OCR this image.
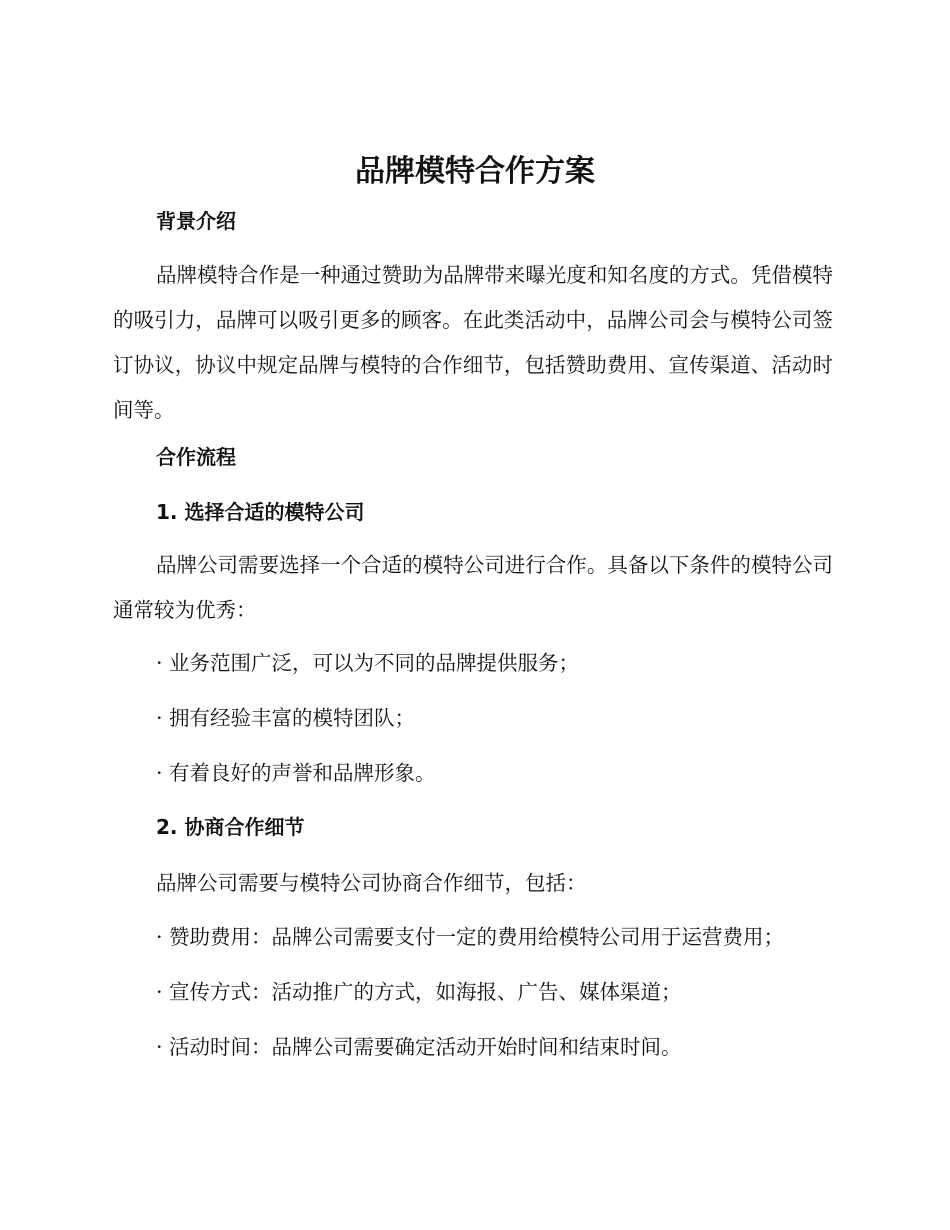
品牌模特合作方案
背景介绍
品牌模特合作是一种通过赞助为品牌带来曝光度和知名度的方式。凭借模特的吸引力，品牌可以吸引更多的顾客。在此类活动中，品牌公司会与模特公司签订协议，协议中规定品牌与模特的合作细节，包括赞助费用、宣传渠道、活动时间等。
合作流程
1. 选择合适的模特公司
品牌公司需要选择一个合适的模特公司进行合作。具备以下条件的模特公司通常较为优秀：
· 业务范围广泛，可以为不同的品牌提供服务；
· 拥有经验丰富的模特团队；
· 有着良好的声誉和品牌形象。
2. 协商合作细节
品牌公司需要与模特公司协商合作细节，包括：
· 赞助费用：品牌公司需要支付一定的费用给模特公司用于运营费用；
· 宣传方式：活动推广的方式，如海报、广告、媒体渠道；
· 活动时间：品牌公司需要确定活动开始时间和结束时间。
